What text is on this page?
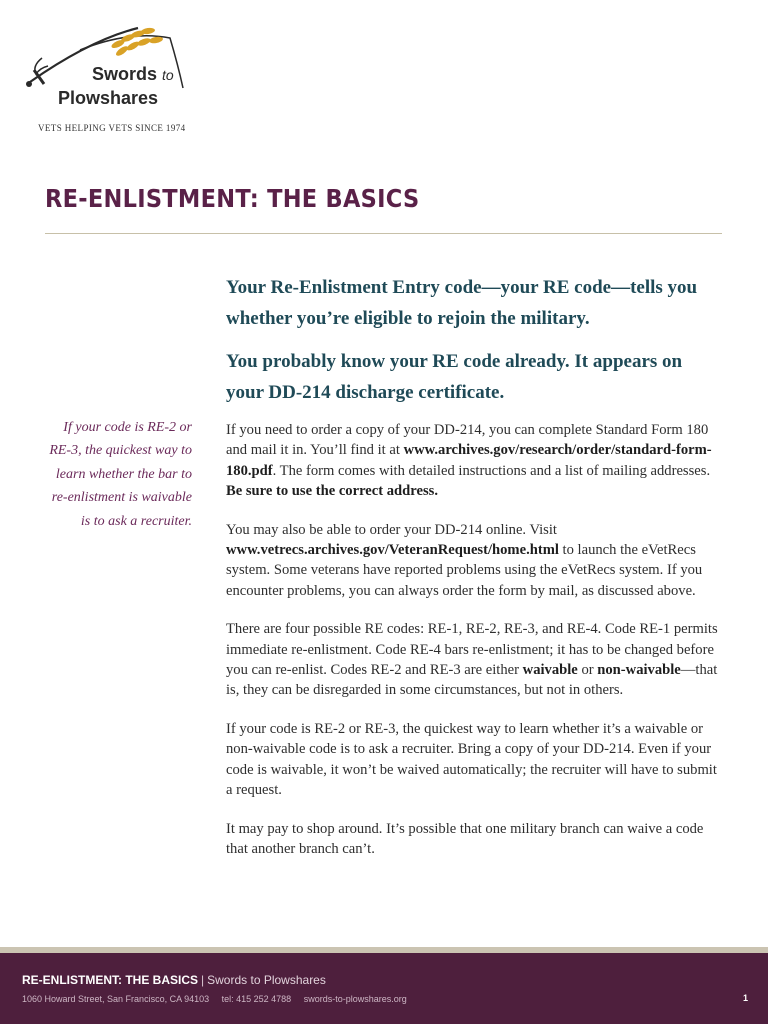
Swords to
Plowshares
VETS HELPING VETS SINCE 1974
RE-ENLISTMENT: THE BASICS
If your code is RE-2 or RE-3, the quickest way to learn whether the bar to re-enlistment is waivable is to ask a recruiter.

Your Re-Enlistment Entry code—your RE code—tells you whether you’re eligible to rejoin the military.

You probably know your RE code already. It appears on your DD-214 discharge certificate.

If you need to order a copy of your DD-214, you can complete Standard Form 180 and mail it in. You’ll find it at www.archives.gov/research/order/standard-form-180.pdf. The form comes with detailed instructions and a list of mailing addresses. Be sure to use the correct address.

You may also be able to order your DD-214 online. Visit www.vetrecs.archives.gov/VeteranRequest/home.html to launch the eVetRecs system. Some veterans have reported problems using the eVetRecs system. If you encounter problems, you can always order the form by mail, as discussed above.

There are four possible RE codes: RE-1, RE-2, RE-3, and RE-4. Code RE-1 permits immediate re-enlistment. Code RE-4 bars re-enlistment; it has to be changed before you can re-enlist. Codes RE-2 and RE-3 are either waivable or non-waivable—that is, they can be disregarded in some circumstances, but not in others.

If your code is RE-2 or RE-3, the quickest way to learn whether it’s a waivable or non-waivable code is to ask a recruiter. Bring a copy of your DD-214. Even if your code is waivable, it won’t be waived automatically; the recruiter will have to submit a request.

It may pay to shop around. It’s possible that one military branch can waive a code that another branch can’t.

RE-ENLISTMENT: THE BASICS | Swords to Plowshares
1060 Howard Street, San Francisco, CA 94103 tel: 415 252 4788 swords-to-plowshares.org	1
